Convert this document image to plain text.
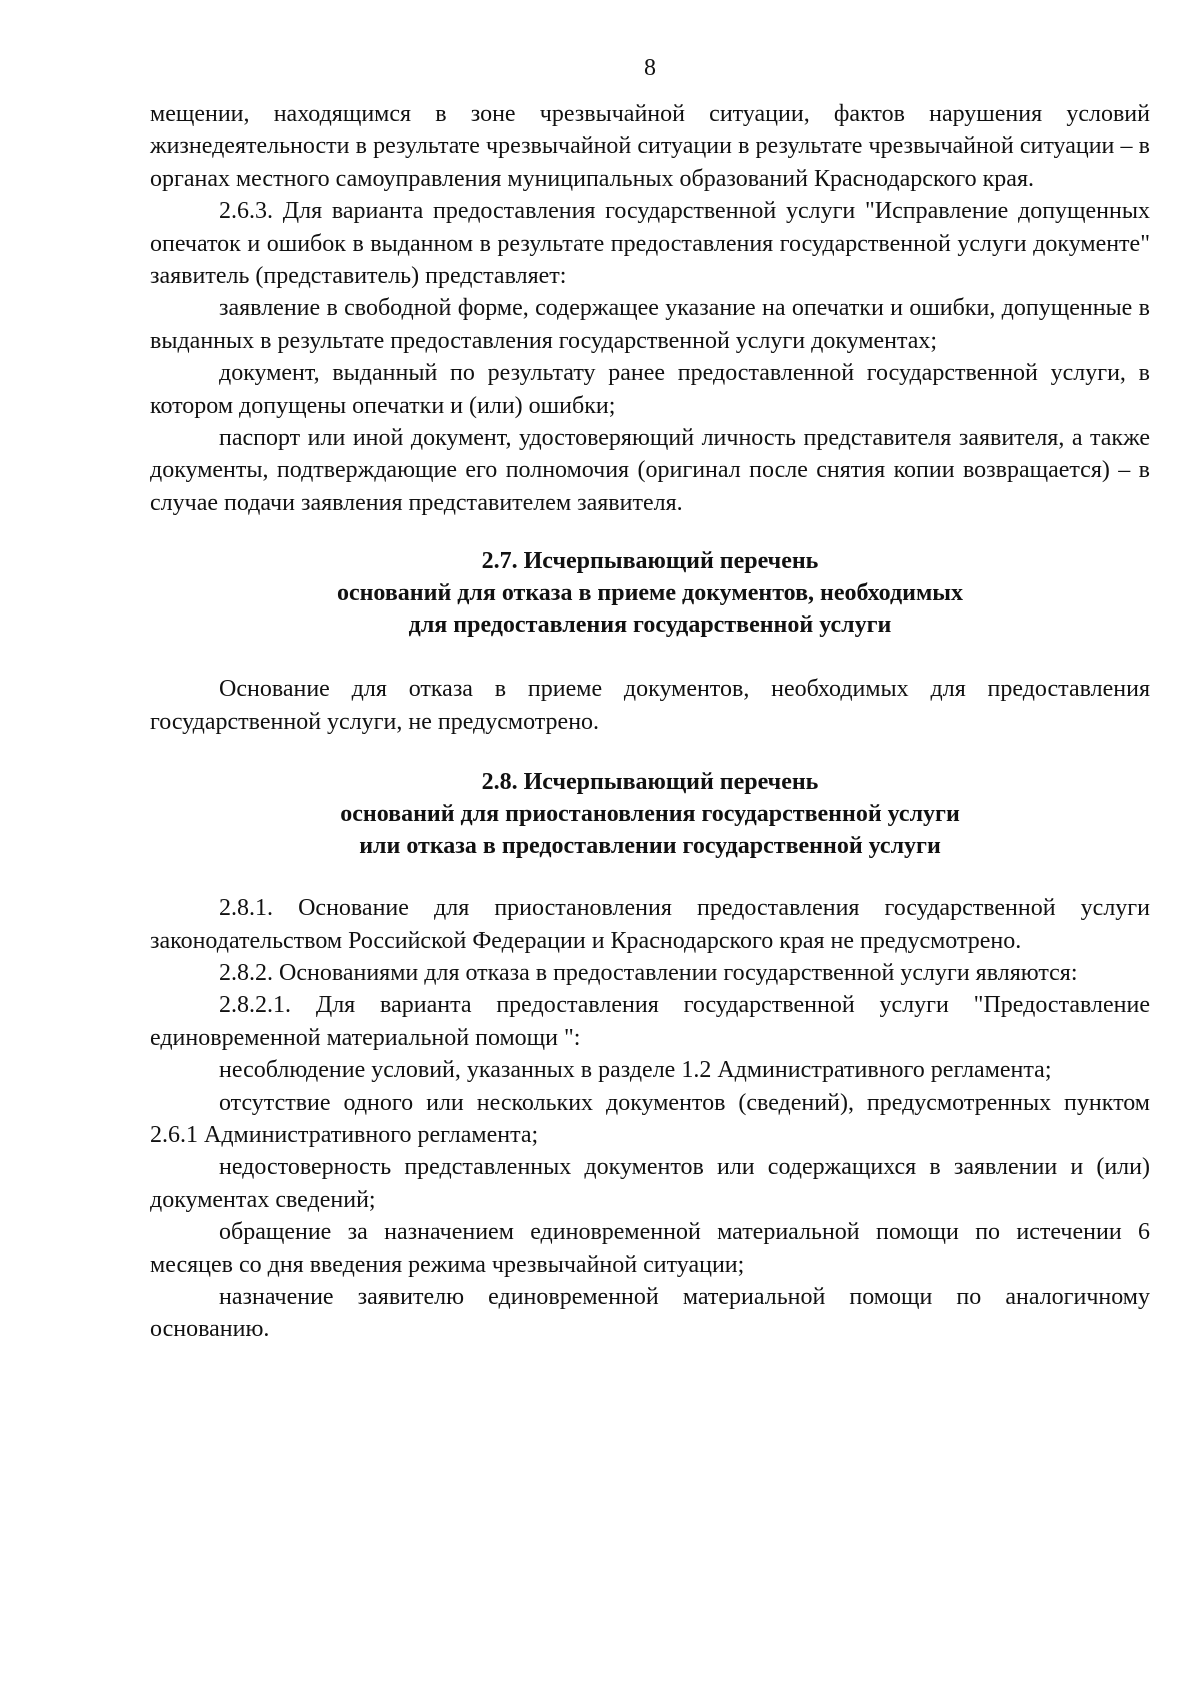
8

мещении, находящимся в зоне чрезвычайной ситуации, фактов нарушения условий жизнедеятельности в результате чрезвычайной ситуации в результате чрезвычайной ситуации – в органах местного самоуправления муниципальных образований Краснодарского края.

2.6.3. Для варианта предоставления государственной услуги "Исправление допущенных опечаток и ошибок в выданном в результате предоставления государственной услуги документе" заявитель (представитель) представляет:

заявление в свободной форме, содержащее указание на опечатки и ошибки, допущенные в выданных в результате предоставления государственной услуги документах;

документ, выданный по результату ранее предоставленной государственной услуги, в котором допущены опечатки и (или) ошибки;

паспорт или иной документ, удостоверяющий личность представителя заявителя, а также документы, подтверждающие его полномочия (оригинал после снятия копии возвращается) – в случае подачи заявления представителем заявителя.

2.7. Исчерпывающий перечень
оснований для отказа в приеме документов, необходимых
для предоставления государственной услуги

Основание для отказа в приеме документов, необходимых для предоставления государственной услуги, не предусмотрено.

2.8. Исчерпывающий перечень
оснований для приостановления государственной услуги
или отказа в предоставлении государственной услуги

2.8.1. Основание для приостановления предоставления государственной услуги законодательством Российской Федерации и Краснодарского края не предусмотрено.

2.8.2. Основаниями для отказа в предоставлении государственной услуги являются:

2.8.2.1. Для варианта предоставления государственной услуги "Предоставление единовременной материальной помощи ":

несоблюдение условий, указанных в разделе 1.2 Административного регламента;

отсутствие одного или нескольких документов (сведений), предусмотренных пунктом 2.6.1 Административного регламента;

недостоверность представленных документов или содержащихся в заявлении и (или) документах сведений;

обращение за назначением единовременной материальной помощи по истечении 6 месяцев со дня введения режима чрезвычайной ситуации;

назначение заявителю единовременной материальной помощи по аналогичному основанию.
